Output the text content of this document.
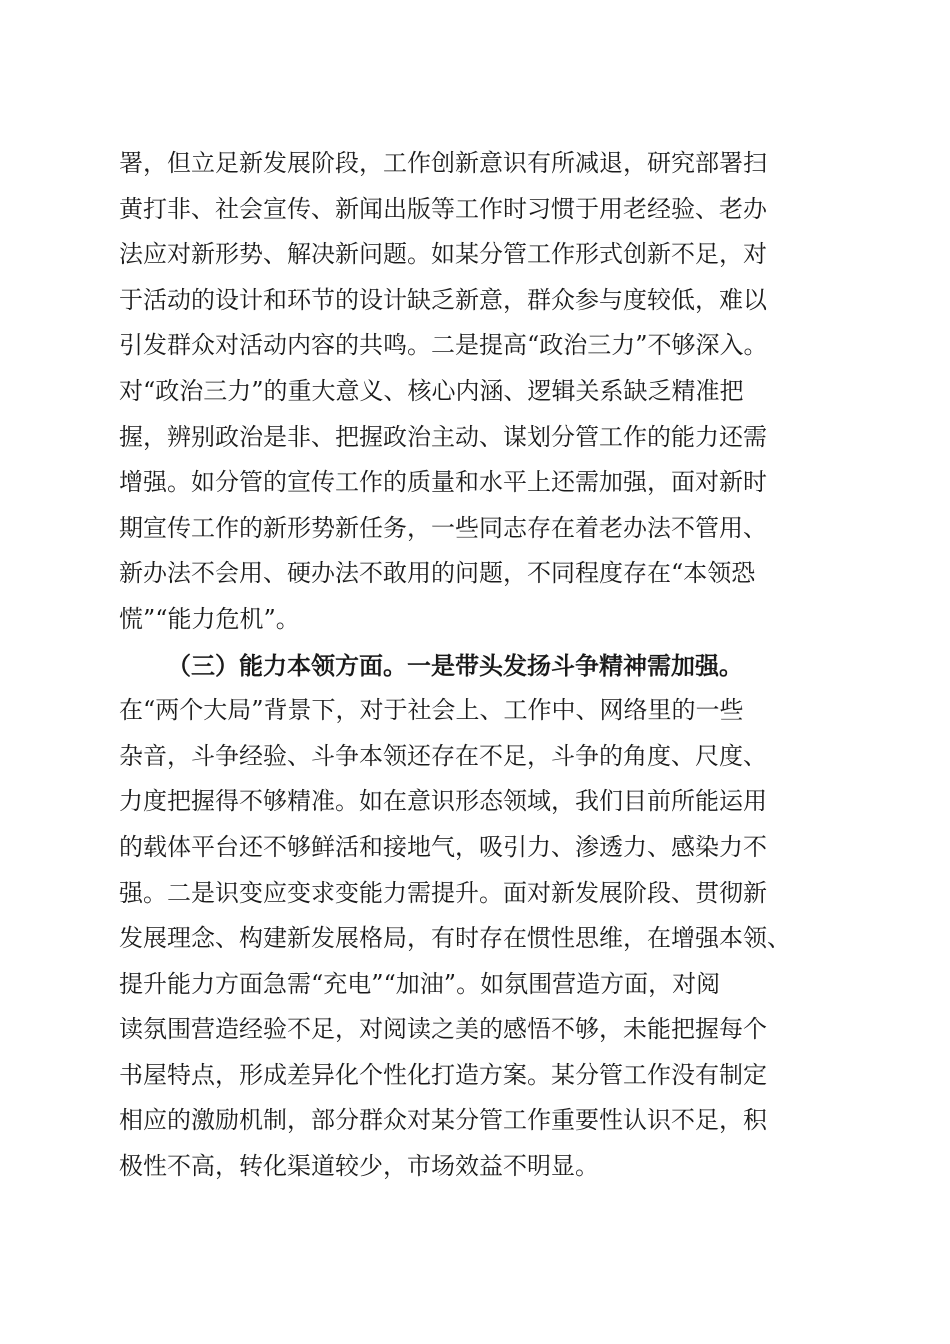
署，但立足新发展阶段，工作创新意识有所减退，研究部署扫
黄打非、社会宣传、新闻出版等工作时习惯于用老经验、老办
法应对新形势、解决新问题。如某分管工作形式创新不足，对
于活动的设计和环节的设计缺乏新意，群众参与度较低，难以
引发群众对活动内容的共鸣。二是提高“政治三力”不够深入。
对“政治三力”的重大意义、核心内涵、逻辑关系缺乏精准把
握，辨别政治是非、把握政治主动、谋划分管工作的能力还需
增强。如分管的宣传工作的质量和水平上还需加强，面对新时
期宣传工作的新形势新任务，一些同志存在着老办法不管用、
新办法不会用、硬办法不敢用的问题，不同程度存在“本领恐
慌”“能力危机”。
（三）能力本领方面。一是带头发扬斗争精神需加强。
在“两个大局”背景下，对于社会上、工作中、网络里的一些
杂音，斗争经验、斗争本领还存在不足，斗争的角度、尺度、
力度把握得不够精准。如在意识形态领域，我们目前所能运用
的载体平台还不够鲜活和接地气，吸引力、渗透力、感染力不
强。二是识变应变求变能力需提升。面对新发展阶段、贯彻新
发展理念、构建新发展格局，有时存在惯性思维，在增强本领、
提升能力方面急需“充电”“加油”。如氛围营造方面，对阅
读氛围营造经验不足，对阅读之美的感悟不够，未能把握每个
书屋特点，形成差异化个性化打造方案。某分管工作没有制定
相应的激励机制，部分群众对某分管工作重要性认识不足，积
极性不高，转化渠道较少，市场效益不明显。
